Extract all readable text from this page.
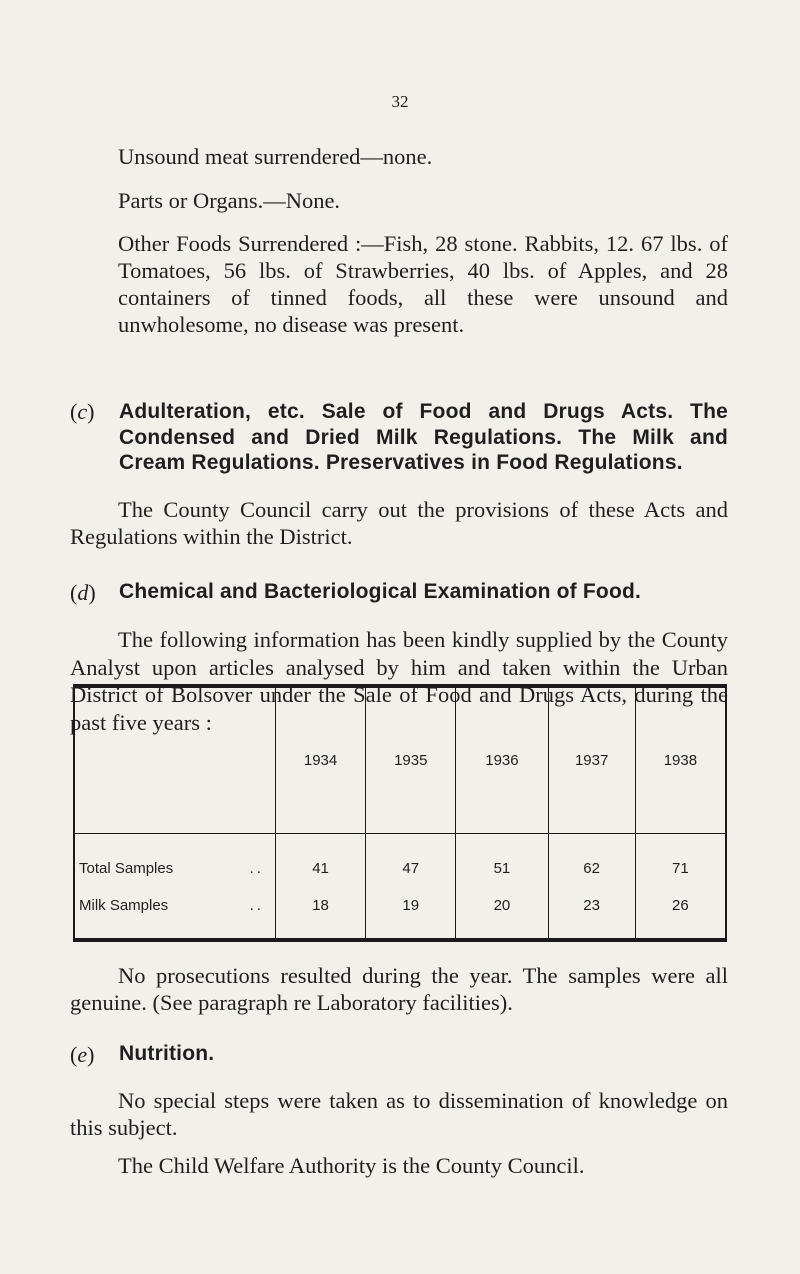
32
Unsound meat surrendered—none.
Parts or Organs.—None.
Other Foods Surrendered :—Fish, 28 stone. Rabbits, 12. 67 lbs. of Tomatoes, 56 lbs. of Strawberries, 40 lbs. of Apples, and 28 containers of tinned foods, all these were unsound and unwholesome, no disease was present.
(c) Adulteration, etc. Sale of Food and Drugs Acts. The Condensed and Dried Milk Regulations. The Milk and Cream Regulations. Preservatives in Food Regulations.
The County Council carry out the provisions of these Acts and Regulations within the District.
(d) Chemical and Bacteriological Examination of Food.
The following information has been kindly supplied by the County Analyst upon articles analysed by him and taken within the Urban District of Bolsover under the Sale of Food and Drugs Acts, during the past five years :
	1934	1935	1936	1937	1938
Total Samples ..	41	47	51	62	71
Milk Samples ..	18	19	20	23	26
No prosecutions resulted during the year. The samples were all genuine. (See paragraph re Laboratory facilities).
(e) Nutrition.
No special steps were taken as to dissemination of knowledge on this subject.
The Child Welfare Authority is the County Council.
